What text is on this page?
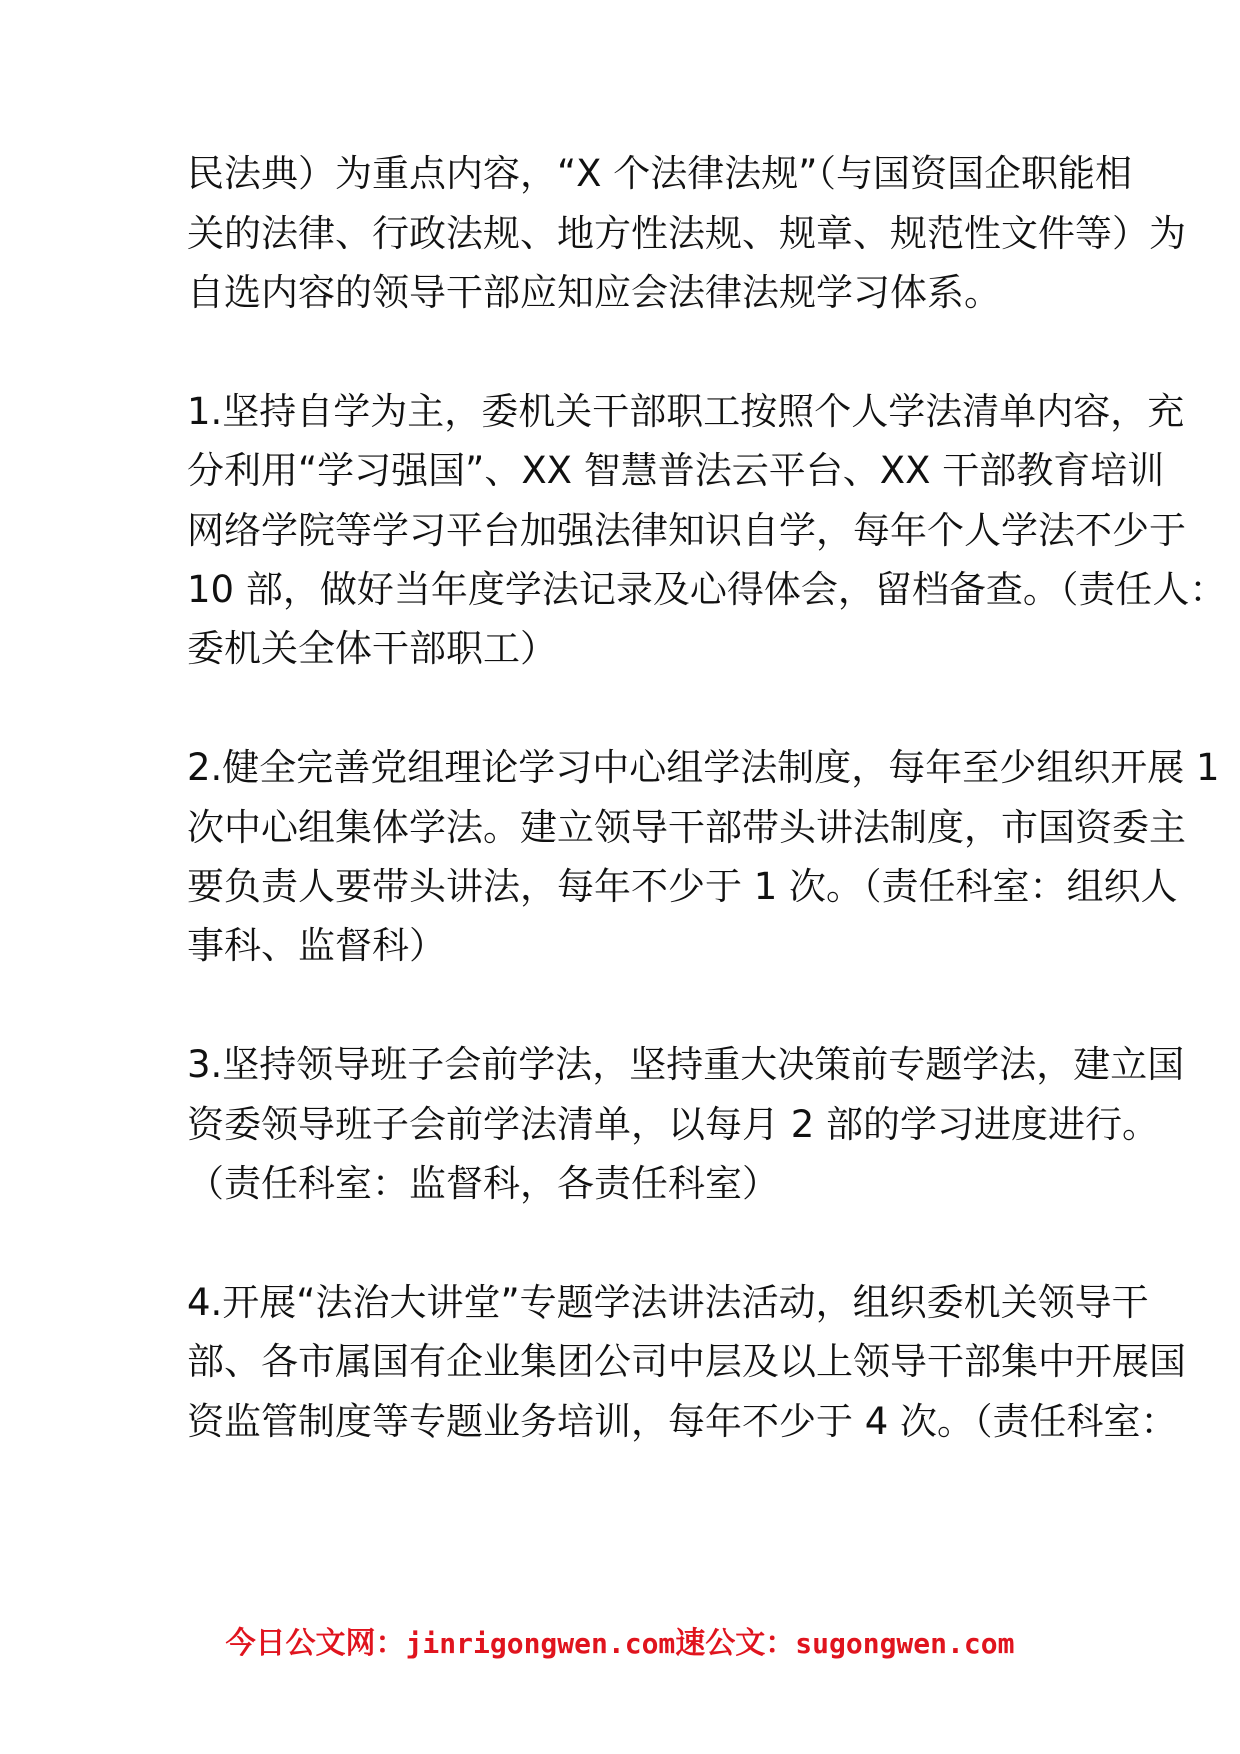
民法典）为重点内容，“X 个法律法规”（与国资国企职能相
关的法律、行政法规、地方性法规、规章、规范性文件等）为
自选内容的领导干部应知应会法律法规学习体系。
1.坚持自学为主，委机关干部职工按照个人学法清单内容，充
分利用“学习强国”、XX 智慧普法云平台、XX 干部教育培训
网络学院等学习平台加强法律知识自学，每年个人学法不少于
10 部，做好当年度学法记录及心得体会，留档备查。（责任人：
委机关全体干部职工）
2.健全完善党组理论学习中心组学法制度，每年至少组织开展 1
次中心组集体学法。建立领导干部带头讲法制度，市国资委主
要负责人要带头讲法，每年不少于 1 次。（责任科室：组织人
事科、监督科）
3.坚持领导班子会前学法，坚持重大决策前专题学法，建立国
资委领导班子会前学法清单，以每月 2 部的学习进度进行。
（责任科室：监督科，各责任科室）
4.开展“法治大讲堂”专题学法讲法活动，组织委机关领导干
部、各市属国有企业集团公司中层及以上领导干部集中开展国
资监管制度等专题业务培训，每年不少于 4 次。（责任科室：
今日公文网：jinrigongwen.com速公文：sugongwen.com
